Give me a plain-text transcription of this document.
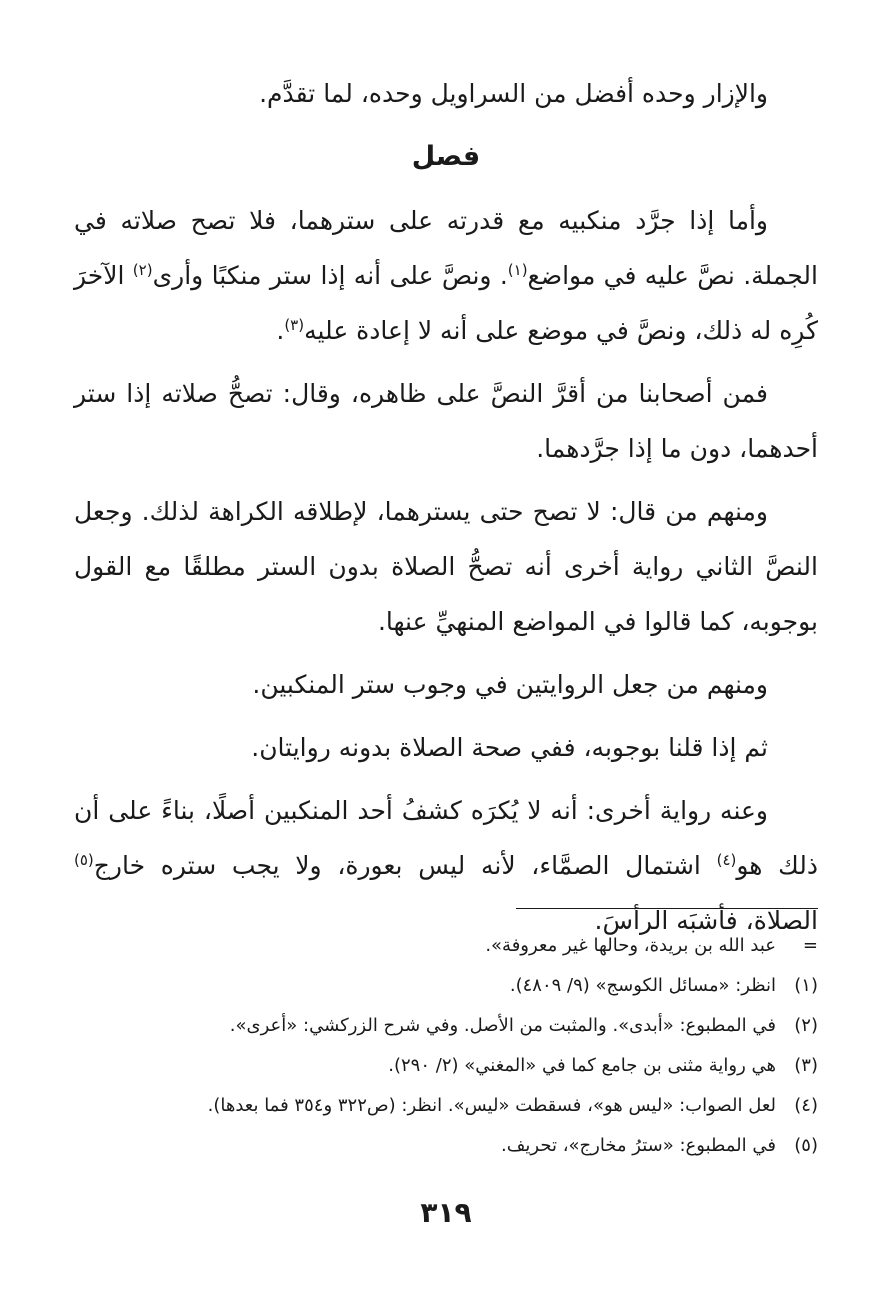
والإزار وحده أفضل من السراويل وحده، لما تقدَّم.

فصل

وأما إذا جرَّد منكبيه مع قدرته على سترهما، فلا تصح صلاته في الجملة. نصَّ عليه في مواضع$^{(١)}$. ونصَّ على أنه إذا ستر منكبًا وأرى$^{(٢)}$ الآخرَ كُرِه له ذلك، ونصَّ في موضع على أنه لا إعادة عليه$^{(٣)}$.

فمن أصحابنا من أقرَّ النصَّ على ظاهره، وقال: تصحُّ صلاته إذا ستر أحدهما، دون ما إذا جرَّدهما.

ومنهم من قال: لا تصح حتى يسترهما، لإطلاقه الكراهة لذلك. وجعل النصَّ الثاني رواية أخرى أنه تصحُّ الصلاة بدون الستر مطلقًا مع القول بوجوبه، كما قالوا في المواضع المنهيِّ عنها.

ومنهم من جعل الروايتين في وجوب ستر المنكبين.

ثم إذا قلنا بوجوبه، ففي صحة الصلاة بدونه روايتان.

وعنه رواية أخرى: أنه لا يُكرَه كشفُ أحد المنكبين أصلًا، بناءً على أن ذلك هو$^{(٤)}$ اشتمال الصمَّاء، لأنه ليس بعورة، ولا يجب ستره خارج$^{(٥)}$ الصلاة، فأشبَه الرأسَ.

=
عبد الله بن بريدة، وحالها غير معروفة».
(١)
انظر: «مسائل الكوسج» (٩/ ٤٨٠٩).
(٢)
في المطبوع: «أبدى». والمثبت من الأصل. وفي شرح الزركشي: «أعرى».
(٣)
هي رواية مثنى بن جامع كما في «المغني» (٢/ ٢٩٠).
(٤)
لعل الصواب: «ليس هو»، فسقطت «ليس». انظر: (ص٣٢٢ و٣٥٤ فما بعدها).
(٥)
في المطبوع: «سترُ مخارج»، تحريف.
٣١٩
